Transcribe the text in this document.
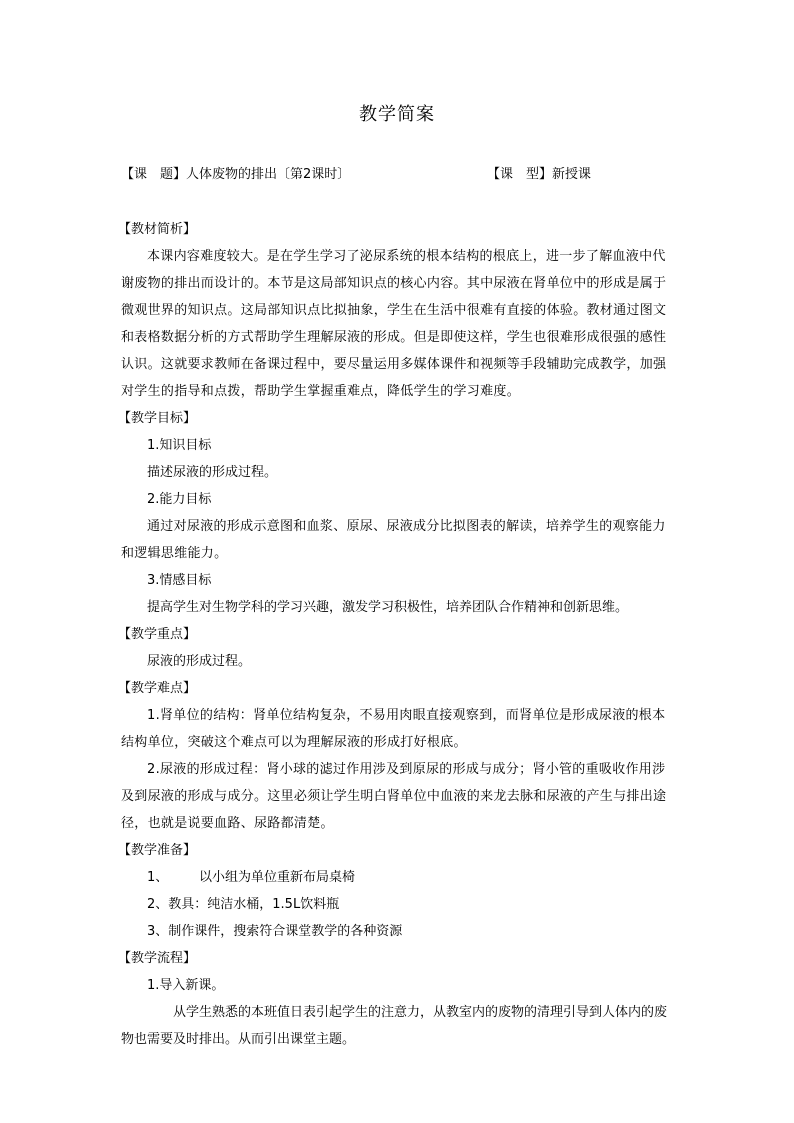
教学简案
【课　题】人体废物的排出〔第2课时〕	【课　型】新授课
【教材简析】
本课内容难度较大。是在学生学习了泌尿系统的根本结构的根底上，进一步了解血液中代谢废物的排出而设计的。本节是这局部知识点的核心内容。其中尿液在肾单位中的形成是属于微观世界的知识点。这局部知识点比拟抽象，学生在生活中很难有直接的体验。教材通过图文和表格数据分析的方式帮助学生理解尿液的形成。但是即使这样，学生也很难形成很强的感性认识。这就要求教师在备课过程中，要尽量运用多媒体课件和视频等手段辅助完成教学，加强对学生的指导和点拨，帮助学生掌握重难点，降低学生的学习难度。
【教学目标】
1.知识目标
描述尿液的形成过程。
2.能力目标
通过对尿液的形成示意图和血浆、原尿、尿液成分比拟图表的解读，培养学生的观察能力和逻辑思维能力。
3.情感目标
提高学生对生物学科的学习兴趣，激发学习积极性，培养团队合作精神和创新思维。
【教学重点】
尿液的形成过程。
【教学难点】
1.肾单位的结构：肾单位结构复杂，不易用肉眼直接观察到，而肾单位是形成尿液的根本结构单位，突破这个难点可以为理解尿液的形成打好根底。
2.尿液的形成过程：肾小球的滤过作用涉及到原尿的形成与成分；肾小管的重吸收作用涉及到尿液的形成与成分。这里必须让学生明白肾单位中血液的来龙去脉和尿液的产生与排出途径，也就是说要血路、尿路都清楚。
【教学准备】
1、 以小组为单位重新布局桌椅
2、教具：纯洁水桶，1.5L饮料瓶
3、制作课件，搜索符合课堂教学的各种资源
【教学流程】
1.导入新课。
从学生熟悉的本班值日表引起学生的注意力，从教室内的废物的清理引导到人体内的废物也需要及时排出。从而引出课堂主题。
